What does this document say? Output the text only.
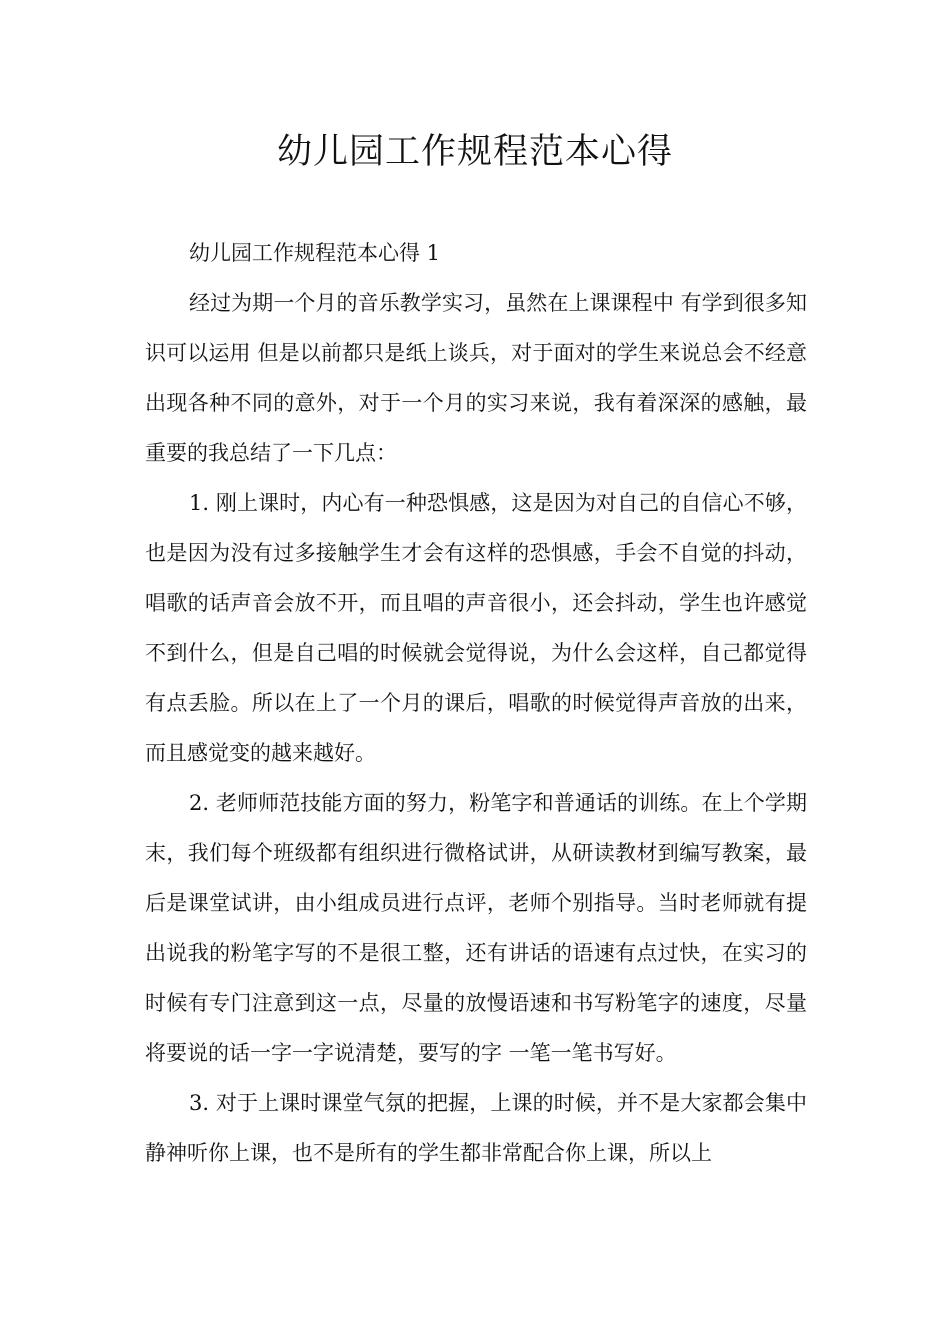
幼儿园工作规程范本心得

幼儿园工作规程范本心得 1

经过为期一个月的音乐教学实习，虽然在上课课程中 有学到很多知识可以运用 但是以前都只是纸上谈兵，对于面对的学生来说总会不经意出现各种不同的意外，对于一个月的实习来说，我有着深深的感触，最重要的我总结了一下几点：

1. 刚上课时，内心有一种恐惧感，这是因为对自己的自信心不够，也是因为没有过多接触学生才会有这样的恐惧感，手会不自觉的抖动，唱歌的话声音会放不开，而且唱的声音很小，还会抖动，学生也许感觉不到什么，但是自己唱的时候就会觉得说，为什么会这样，自己都觉得有点丢脸。所以在上了一个月的课后，唱歌的时候觉得声音放的出来，而且感觉变的越来越好。

2. 老师师范技能方面的努力，粉笔字和普通话的训练。在上个学期末，我们每个班级都有组织进行微格试讲，从研读教材到编写教案，最后是课堂试讲，由小组成员进行点评，老师个别指导。当时老师就有提出说我的粉笔字写的不是很工整，还有讲话的语速有点过快，在实习的时候有专门注意到这一点，尽量的放慢语速和书写粉笔字的速度，尽量将要说的话一字一字说清楚，要写的字 一笔一笔书写好。

3. 对于上课时课堂气氛的把握，上课的时候，并不是大家都会集中静神听你上课，也不是所有的学生都非常配合你上课，所以上
